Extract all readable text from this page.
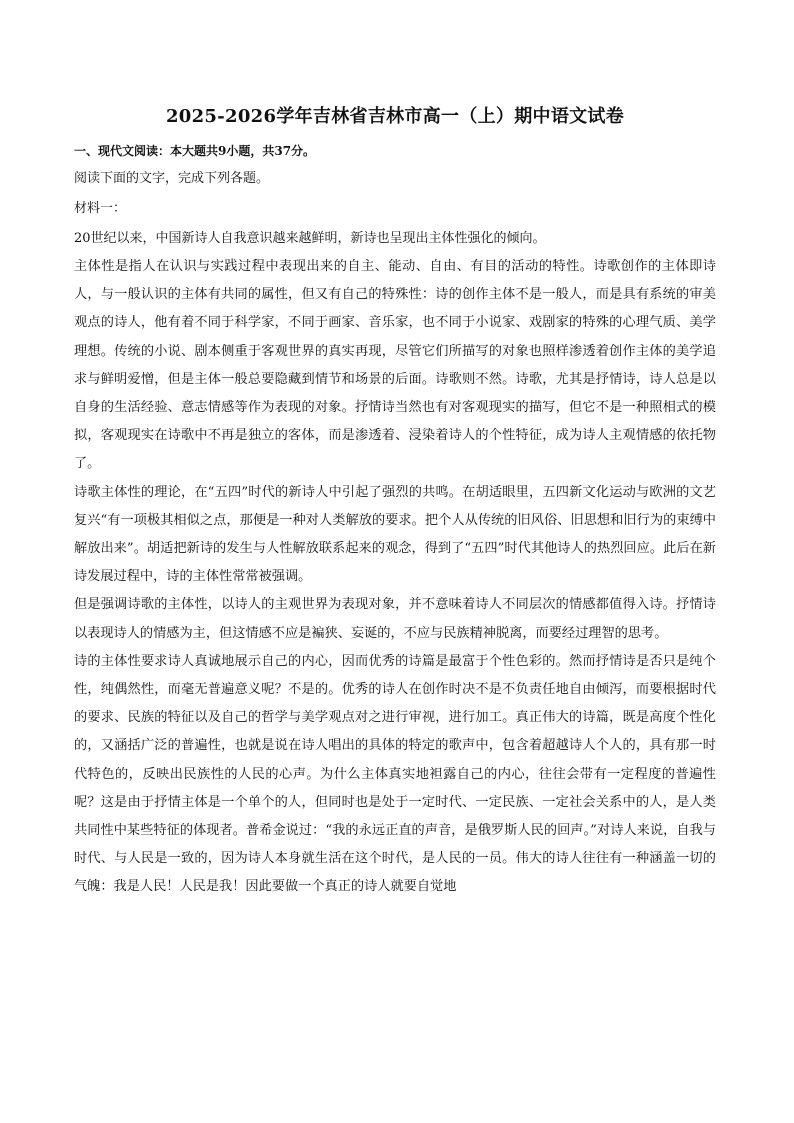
2025-2026学年吉林省吉林市高一（上）期中语文试卷
一、现代文阅读：本大题共9小题，共37分。
阅读下面的文字，完成下列各题。
材料一：
20世纪以来，中国新诗人自我意识越来越鲜明，新诗也呈现出主体性强化的倾向。

主体性是指人在认识与实践过程中表现出来的自主、能动、自由、有目的活动的特性。诗歌创作的主体即诗人，与一般认识的主体有共同的属性，但又有自己的特殊性：诗的创作主体不是一般人，而是具有系统的审美观点的诗人，他有着不同于科学家，不同于画家、音乐家，也不同于小说家、戏剧家的特殊的心理气质、美学理想。传统的小说、剧本侧重于客观世界的真实再现，尽管它们所描写的对象也照样渗透着创作主体的美学追求与鲜明爱憎，但是主体一般总要隐藏到情节和场景的后面。诗歌则不然。诗歌，尤其是抒情诗，诗人总是以自身的生活经验、意志情感等作为表现的对象。抒情诗当然也有对客观现实的描写，但它不是一种照相式的模拟，客观现实在诗歌中不再是独立的客体，而是渗透着、浸染着诗人的个性特征，成为诗人主观情感的依托物了。

诗歌主体性的理论，在“五四”时代的新诗人中引起了强烈的共鸣。在胡适眼里，五四新文化运动与欧洲的文艺复兴“有一项极其相似之点，那便是一种对人类解放的要求。把个人从传统的旧风俗、旧思想和旧行为的束缚中解放出来”。胡适把新诗的发生与人性解放联系起来的观念，得到了“五四”时代其他诗人的热烈回应。此后在新诗发展过程中，诗的主体性常常被强调。

但是强调诗歌的主体性，以诗人的主观世界为表现对象，并不意味着诗人不同层次的情感都值得入诗。抒情诗以表现诗人的情感为主，但这情感不应是褊狭、妄诞的，不应与民族精神脱离，而要经过理智的思考。

诗的主体性要求诗人真诚地展示自己的内心，因而优秀的诗篇是最富于个性色彩的。然而抒情诗是否只是纯个性，纯偶然性，而毫无普遍意义呢？不是的。优秀的诗人在创作时决不是不负责任地自由倾泻，而要根据时代的要求、民族的特征以及自己的哲学与美学观点对之进行审视，进行加工。真正伟大的诗篇，既是高度个性化的，又涵括广泛的普遍性，也就是说在诗人唱出的具体的特定的歌声中，包含着超越诗人个人的，具有那一时代特色的，反映出民族性的人民的心声。为什么主体真实地袒露自己的内心，往往会带有一定程度的普遍性呢？这是由于抒情主体是一个单个的人，但同时也是处于一定时代、一定民族、一定社会关系中的人，是人类共同性中某些特征的体现者。普希金说过：“我的永远正直的声音，是俄罗斯人民的回声。”对诗人来说，自我与时代、与人民是一致的，因为诗人本身就生活在这个时代，是人民的一员。伟大的诗人往往有一种涵盖一切的气魄：我是人民！人民是我！因此要做一个真正的诗人就要自觉地
